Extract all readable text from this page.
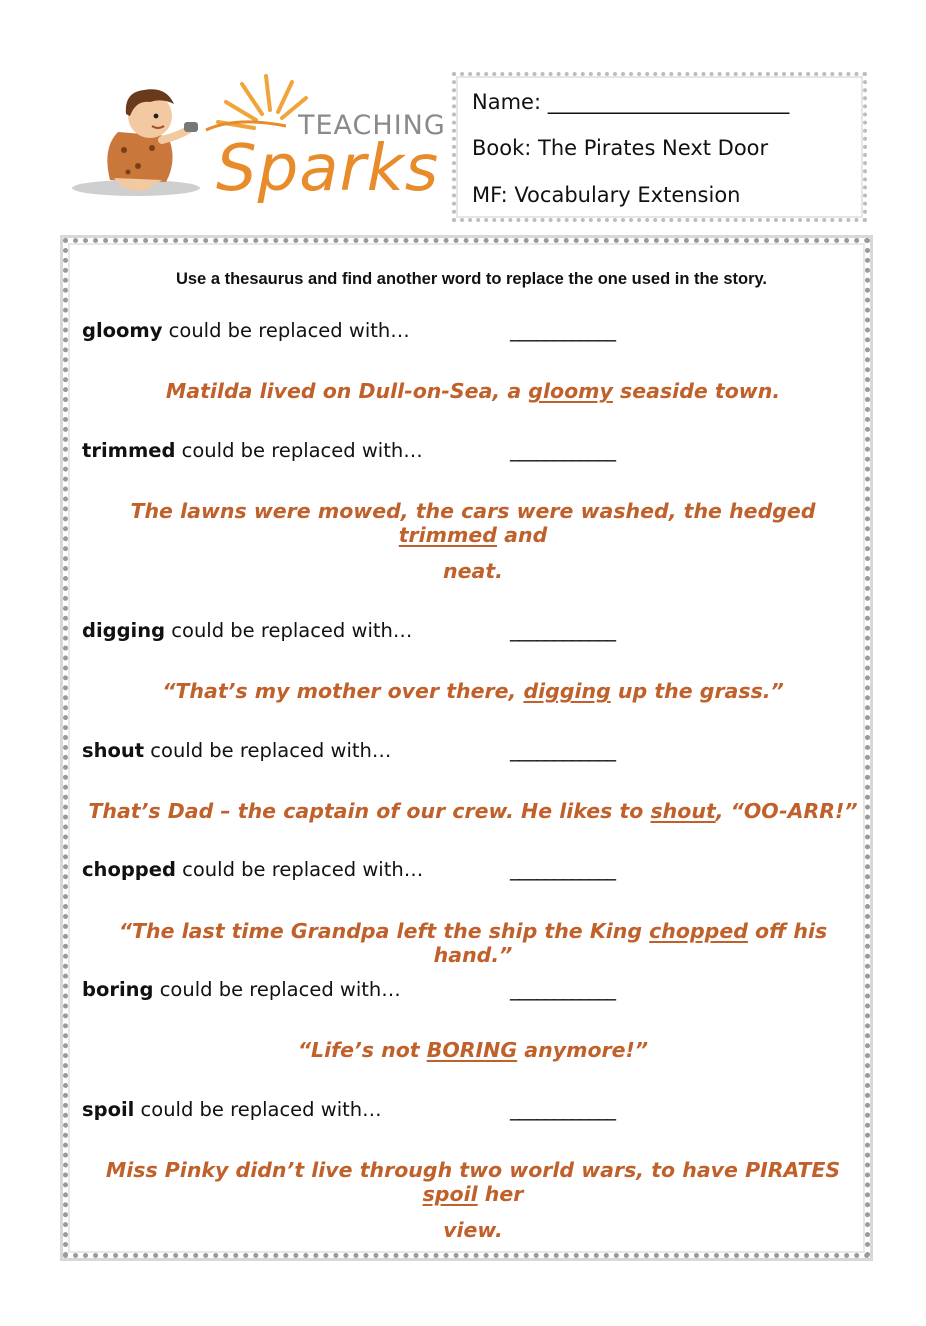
TEACHING
Sparks
Name: _______________________
Book: The Pirates Next Door
MF: Vocabulary Extension
Use a thesaurus and find another word to replace the one used in the story.
gloomy could be replaced with…	____________
Matilda lived on Dull-on-Sea, a gloomy seaside town.
trimmed could be replaced with…	____________
The lawns were mowed, the cars were washed, the hedged trimmed and
neat.
digging could be replaced with…	____________
“That’s my mother over there, digging up the grass.”
shout could be replaced with…	____________
That’s Dad – the captain of our crew. He likes to shout, “OO-ARR!”
chopped could be replaced with…	____________
“The last time Grandpa left the ship the King chopped off his hand.”
boring could be replaced with…	____________
“Life’s not BORING anymore!”
spoil could be replaced with…	____________
Miss Pinky didn’t live through two world wars, to have PIRATES spoil her
view.
